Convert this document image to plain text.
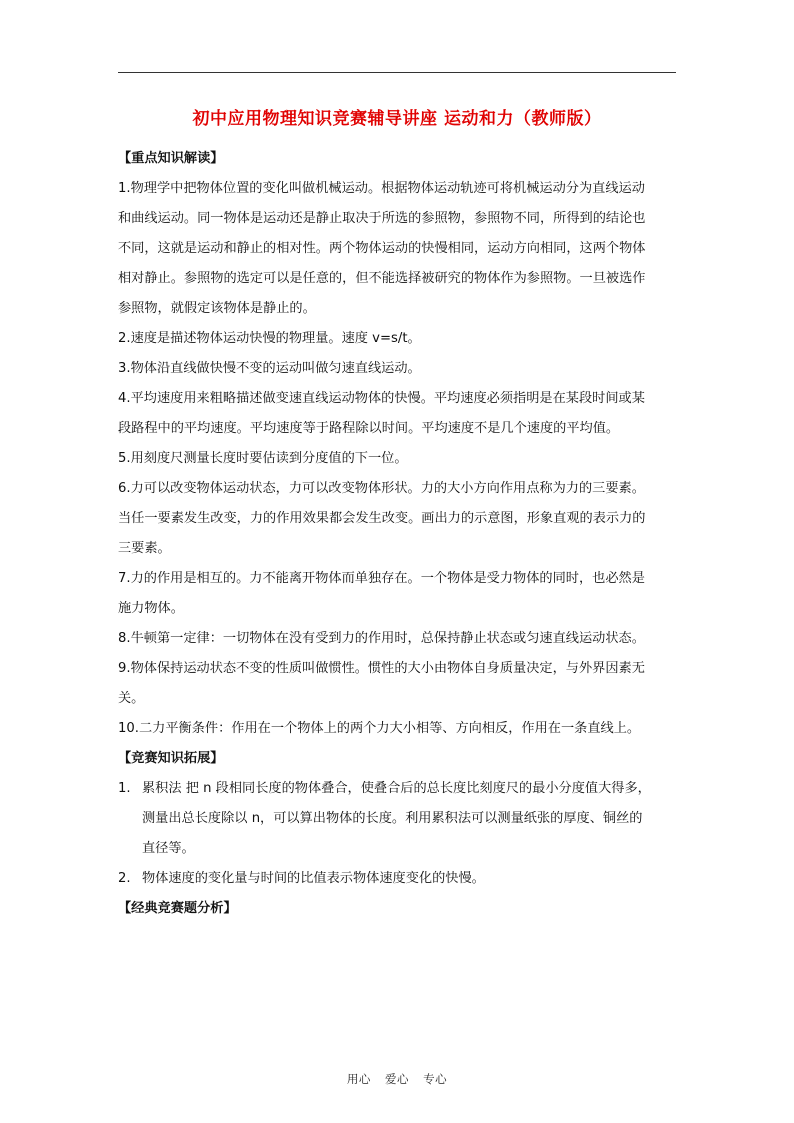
初中应用物理知识竞赛辅导讲座 运动和力（教师版）
【重点知识解读】
1.物理学中把物体位置的变化叫做机械运动。根据物体运动轨迹可将机械运动分为直线运动
和曲线运动。同一物体是运动还是静止取决于所选的参照物，参照物不同，所得到的结论也
不同，这就是运动和静止的相对性。两个物体运动的快慢相同，运动方向相同，这两个物体
相对静止。参照物的选定可以是任意的，但不能选择被研究的物体作为参照物。一旦被选作
参照物，就假定该物体是静止的。
2.速度是描述物体运动快慢的物理量。速度 v=s/t。
3.物体沿直线做快慢不变的运动叫做匀速直线运动。
4.平均速度用来粗略描述做变速直线运动物体的快慢。平均速度必须指明是在某段时间或某
段路程中的平均速度。平均速度等于路程除以时间。平均速度不是几个速度的平均值。
5.用刻度尺测量长度时要估读到分度值的下一位。
6.力可以改变物体运动状态，力可以改变物体形状。力的大小方向作用点称为力的三要素。
当任一要素发生改变，力的作用效果都会发生改变。画出力的示意图，形象直观的表示力的
三要素。
7.力的作用是相互的。力不能离开物体而单独存在。一个物体是受力物体的同时，也必然是
施力物体。
8.牛顿第一定律：一切物体在没有受到力的作用时，总保持静止状态或匀速直线运动状态。
9.物体保持运动状态不变的性质叫做惯性。惯性的大小由物体自身质量决定，与外界因素无
关。
10.二力平衡条件：作用在一个物体上的两个力大小相等、方向相反，作用在一条直线上。
【竞赛知识拓展】
1. 累积法 把 n 段相同长度的物体叠合，使叠合后的总长度比刻度尺的最小分度值大得多，
测量出总长度除以 n，可以算出物体的长度。利用累积法可以测量纸张的厚度、铜丝的
直径等。
2. 物体速度的变化量与时间的比值表示物体速度变化的快慢。
【经典竞赛题分析】
用心 爱心 专心
